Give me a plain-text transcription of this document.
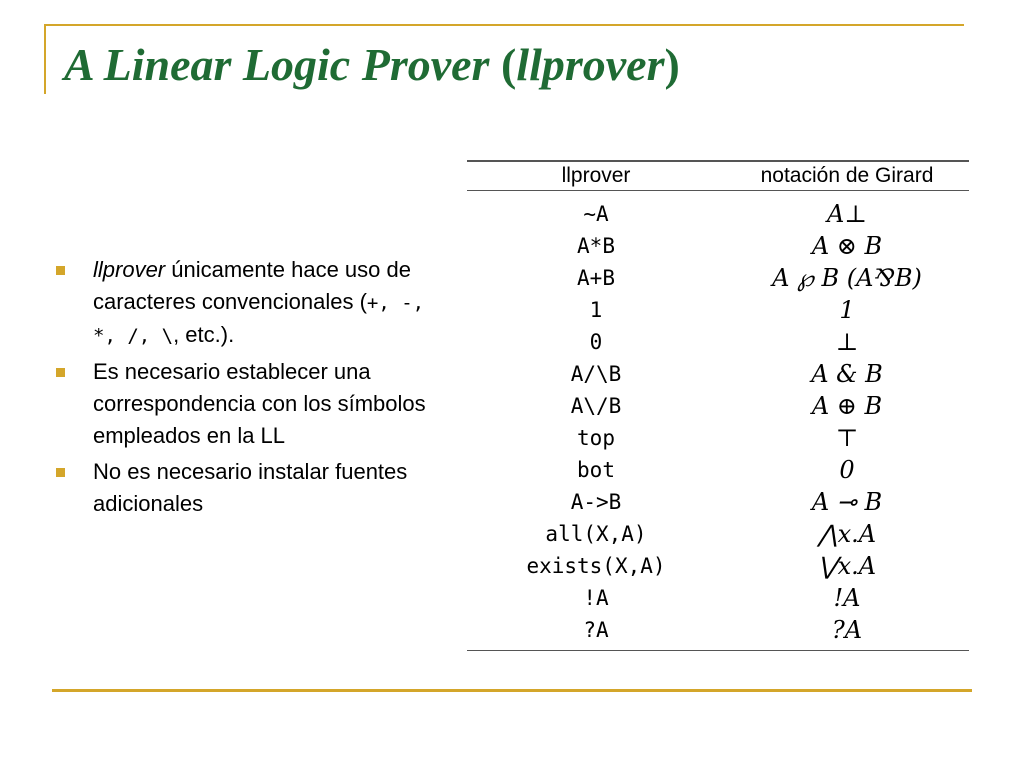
A Linear Logic Prover (llprover)
llprover únicamente hace uso de caracteres convencionales (+, -, *, /, \, etc.).
Es necesario establecer una correspondencia con los símbolos empleados en la LL
No es necesario instalar fuentes adicionales
llprover	notación de Girard
~A	A⊥
A*B	A ⊗ B
A+B	A ℘ B (A⅋B)
1	1
0	⊥
A/\B	A & B
A\/B	A ⊕ B
top	⊤
bot	0
A->B	A ⊸ B
all(X,A)	⋀x.A
exists(X,A)	⋁x.A
!A	!A
?A	?A
